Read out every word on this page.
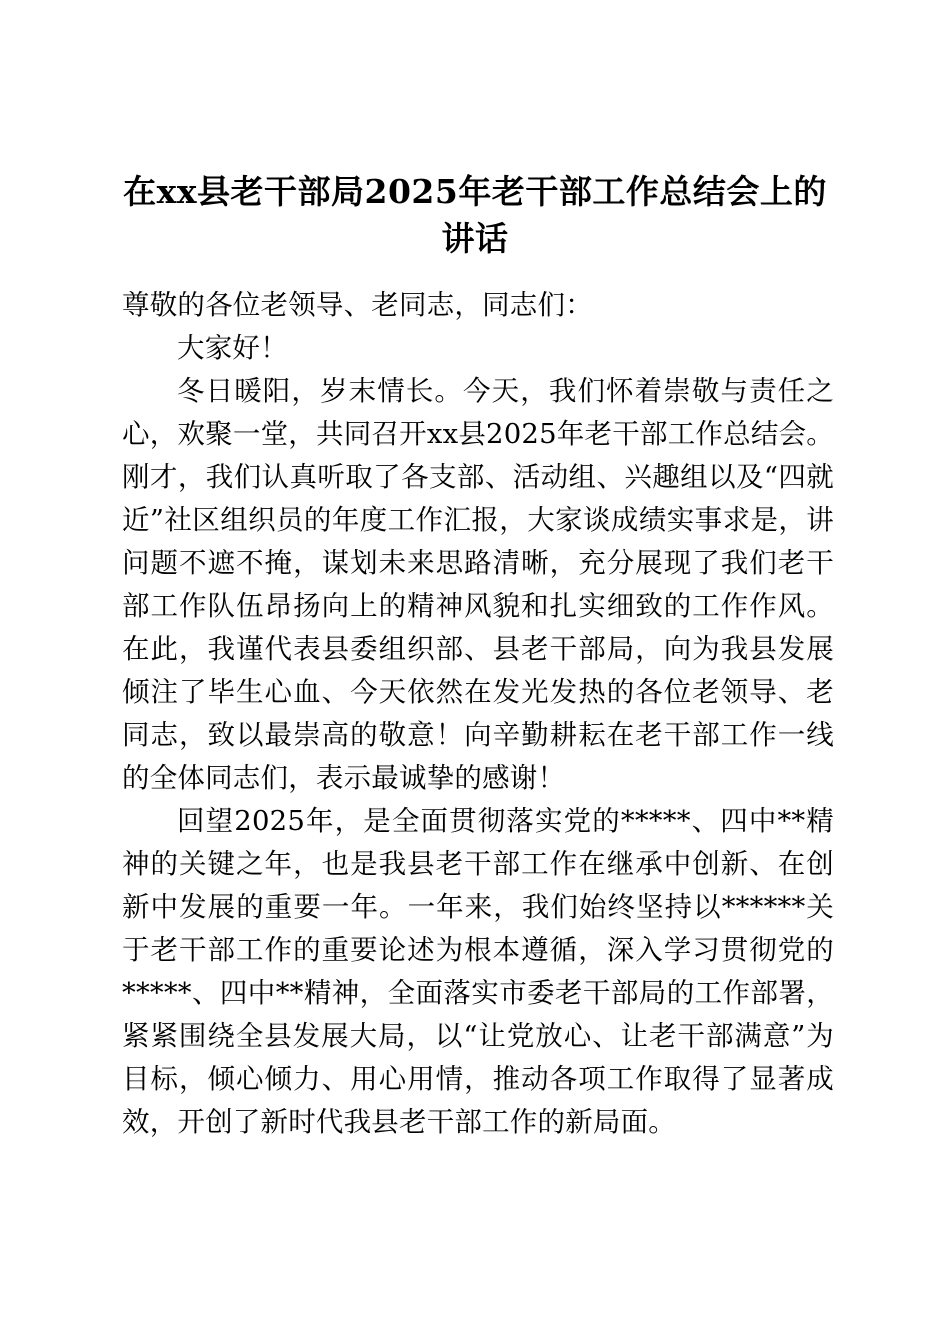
在xx县老干部局2025年老干部工作总结会上的讲话

尊敬的各位老领导、老同志，同志们：

大家好！

冬日暖阳，岁末情长。今天，我们怀着崇敬与责任之心，欢聚一堂，共同召开xx县2025年老干部工作总结会。刚才，我们认真听取了各支部、活动组、兴趣组以及“四就近”社区组织员的年度工作汇报，大家谈成绩实事求是，讲问题不遮不掩，谋划未来思路清晰，充分展现了我们老干部工作队伍昂扬向上的精神风貌和扎实细致的工作作风。在此，我谨代表县委组织部、县老干部局，向为我县发展倾注了毕生心血、今天依然在发光发热的各位老领导、老同志，致以最崇高的敬意！向辛勤耕耘在老干部工作一线的全体同志们，表示最诚挚的感谢！

回望2025年，是全面贯彻落实党的*****、四中**精神的关键之年，也是我县老干部工作在继承中创新、在创新中发展的重要一年。一年来，我们始终坚持以******关于老干部工作的重要论述为根本遵循，深入学习贯彻党的*****、四中**精神，全面落实市委老干部局的工作部署，紧紧围绕全县发展大局，以“让党放心、让老干部满意”为目标，倾心倾力、用心用情，推动各项工作取得了显著成效，开创了新时代我县老干部工作的新局面。
